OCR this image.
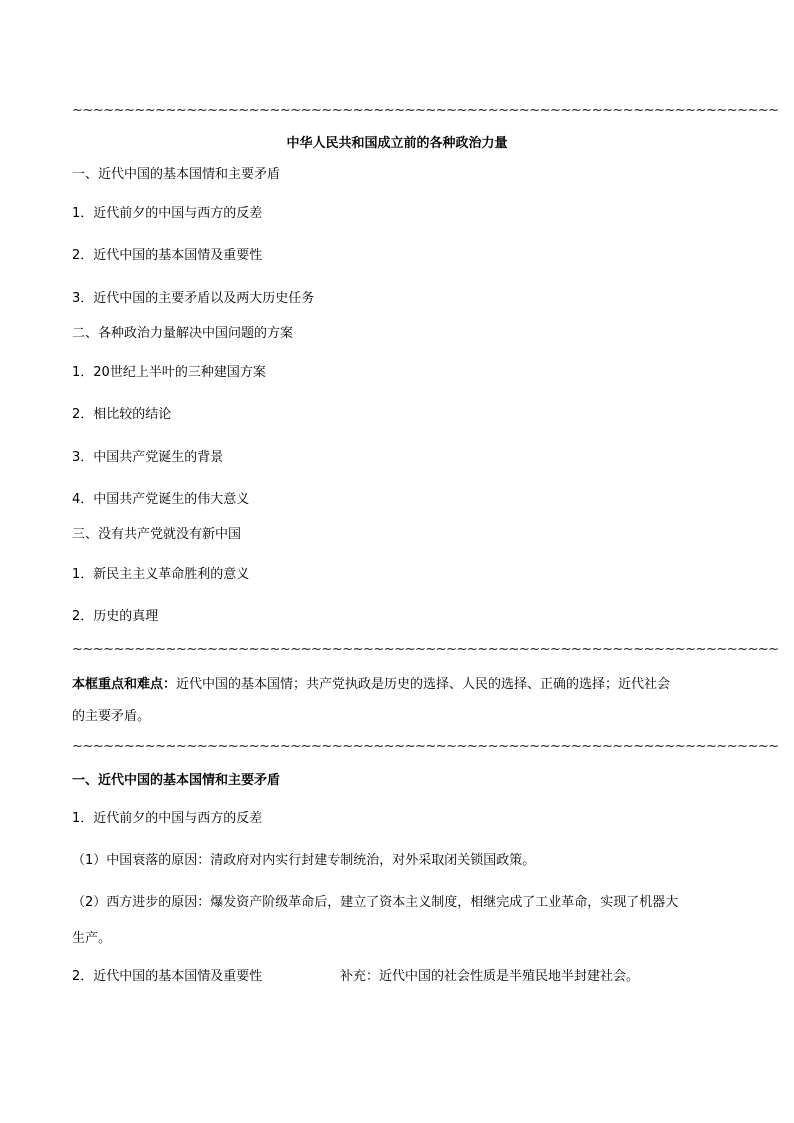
~~~~~~~~~~~~~~~~~~~~~~~~~~~~~~~~~~~~~~~~~~~~~~~~~~~~~~~~~~~~~~~~~~~~
中华人民共和国成立前的各种政治力量
一、近代中国的基本国情和主要矛盾
1．近代前夕的中国与西方的反差
2．近代中国的基本国情及重要性
3．近代中国的主要矛盾以及两大历史任务
二、各种政治力量解决中国问题的方案
1．20世纪上半叶的三种建国方案
2．相比较的结论
3．中国共产党诞生的背景
4．中国共产党诞生的伟大意义
三、没有共产党就没有新中国
1．新民主主义革命胜利的意义
2．历史的真理
~~~~~~~~~~~~~~~~~~~~~~~~~~~~~~~~~~~~~~~~~~~~~~~~~~~~~~~~~~~~~~~~~~~~
本框重点和难点：近代中国的基本国情；共产党执政是历史的选择、人民的选择、正确的选择；近代社会
的主要矛盾。
~~~~~~~~~~~~~~~~~~~~~~~~~~~~~~~~~~~~~~~~~~~~~~~~~~~~~~~~~~~~~~~~~~~~
一、近代中国的基本国情和主要矛盾
1．近代前夕的中国与西方的反差
（1）中国衰落的原因：清政府对内实行封建专制统治，对外采取闭关锁国政策。
（2）西方进步的原因：爆发资产阶级革命后，建立了资本主义制度，相继完成了工业革命，实现了机器大
生产。
2．近代中国的基本国情及重要性	补充：近代中国的社会性质是半殖民地半封建社会。
